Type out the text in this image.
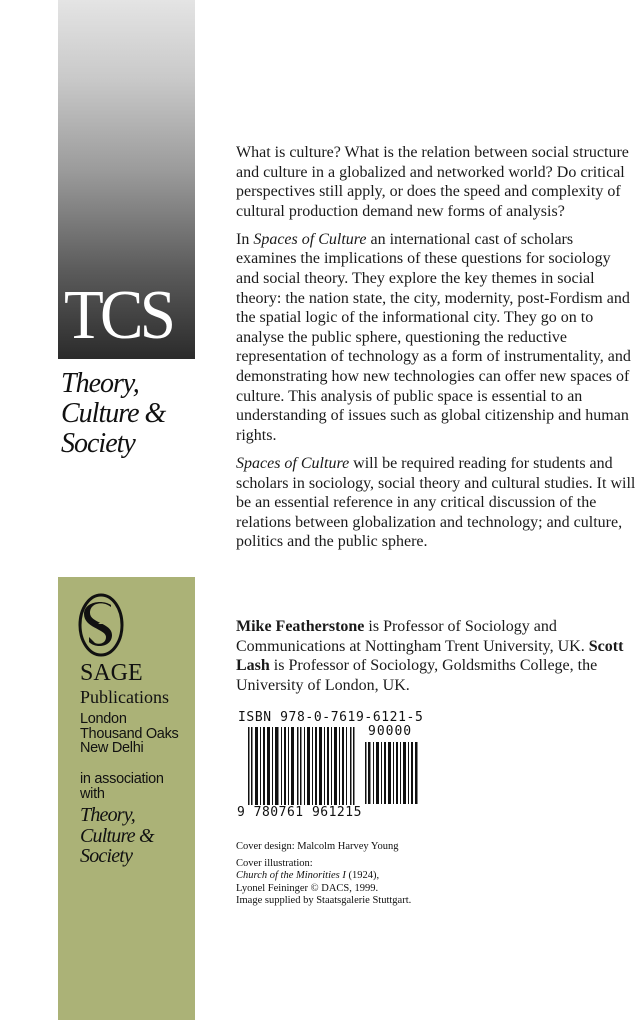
TCS
Theory,
Culture &
Society
SAGE
Publications
London
Thousand Oaks
New Delhi
in association
with
Theory,
Culture &
Society

What is culture? What is the relation between social structure and culture in a globalized and networked world? Do critical perspectives still apply, or does the speed and complexity of cultural production demand new forms of analysis?

In Spaces of Culture an international cast of scholars examines the implications of these questions for sociology and social theory. They explore the key themes in social theory: the nation state, the city, modernity, post-Fordism and the spatial logic of the informational city. They go on to analyse the public sphere, questioning the reductive representation of technology as a form of instrumentality, and demonstrating how new technologies can offer new spaces of culture. This analysis of public space is essential to an understanding of issues such as global citizenship and human rights.

Spaces of Culture will be required reading for students and scholars in sociology, social theory and cultural studies. It will be an essential reference in any critical discussion of the relations between globalization and technology; and culture, politics and the public sphere.

Mike Featherstone is Professor of Sociology and Communications at Nottingham Trent University, UK. Scott Lash is Professor of Sociology, Goldsmiths College, the University of London, UK.
ISBN 978-0-7619-6121-5
90000
9 780761 961215

Cover design: Malcolm Harvey Young

Cover illustration:
Church of the Minorities I (1924),
Lyonel Feininger © DACS, 1999.
Image supplied by Staatsgalerie Stuttgart.
